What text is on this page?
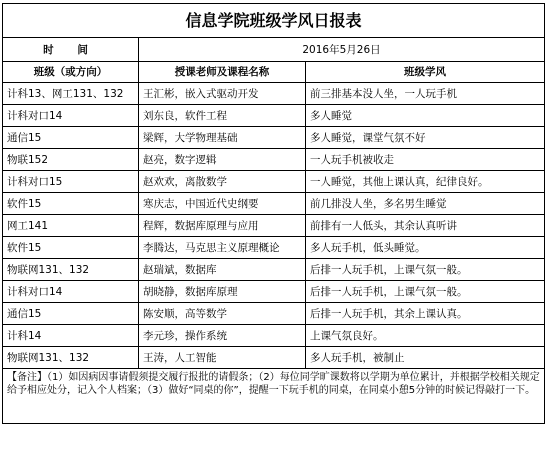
信息学院班级学风日报表		
时 间	2016年5月26日	
班级（或方向）	授课老师及课程名称	班级学风
计科13、网工131、132	王汇彬，嵌入式驱动开发	前三排基本没人坐，一人玩手机
计科对口14	刘东良，软件工程	多人睡觉
通信15	梁辉，大学物理基础	多人睡觉，课堂气氛不好
物联152	赵亮，数字逻辑	一人玩手机被收走
计科对口15	赵欢欢，离散数学	一人睡觉，其他上课认真，纪律良好。
软件15	寒庆志，中国近代史纲要	前几排没人坐，多名男生睡觉
网工141	程辉，数据库原理与应用	前排有一人低头，其余认真听讲
软件15	李腾达，马克思主义原理概论	多人玩手机，低头睡觉。
物联网131、132	赵瑞斌，数据库	后排一人玩手机，上课气氛一般。
计科对口14	胡晓静，数据库原理	后排一人玩手机，上课气氛一般。
通信15	陈安顺，高等数学	后排一人玩手机，其余上课认真。
计科14	李元珍，操作系统	上课气氛良好。
物联网131、132	王涛，人工智能	多人玩手机，被制止
【备注】（1）如因病因事请假须提交履行报批的请假条；（2）每位同学旷课数将以学期为单位累计，并根据学校相关规定给予相应处分，记入个人档案；（3）做好“同桌的你”，提醒一下玩手机的同桌，在同桌小憩5分钟的时候记得敲打一下。		
